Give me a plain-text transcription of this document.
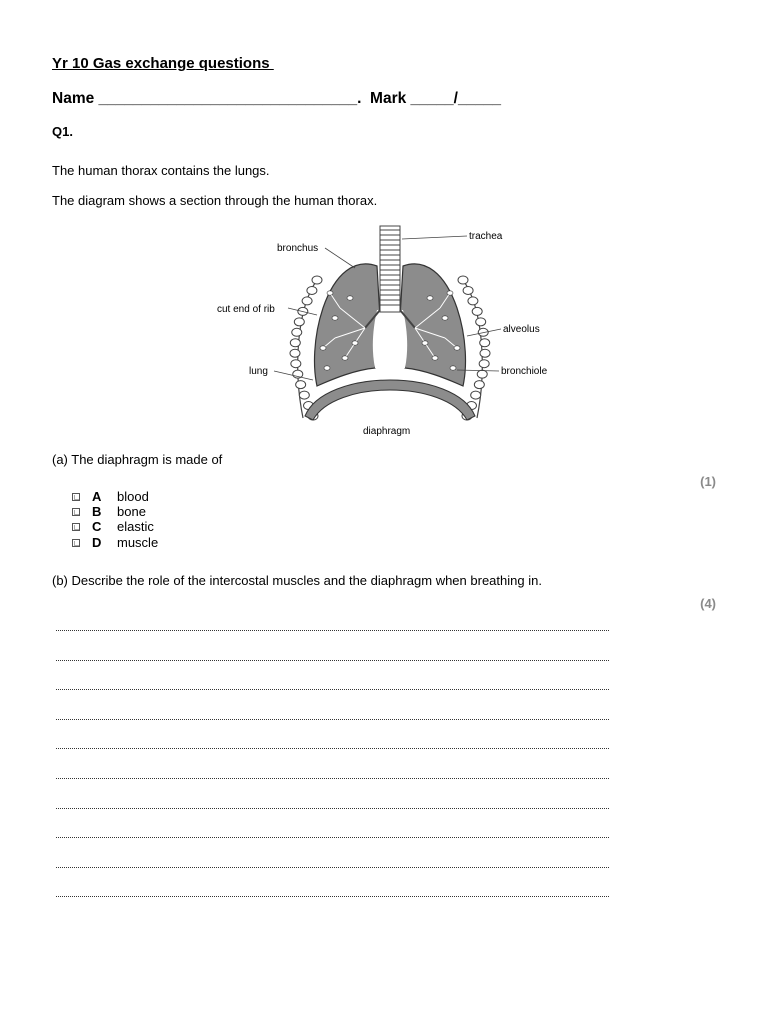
Yr 10 Gas exchange questions
Name ______________________________.  Mark _____/_____
Q1.
The human thorax contains the lungs.
The diagram shows a section through the human thorax.
trachea
bronchus
cut end of rib
alveolus
lung	bronchiole
diaphragm
(a) The diaphragm is made of
(1)
A	blood
B	bone
C	elastic
D	muscle
(b) Describe the role of the intercostal muscles and the diaphragm when breathing in.
(4)
